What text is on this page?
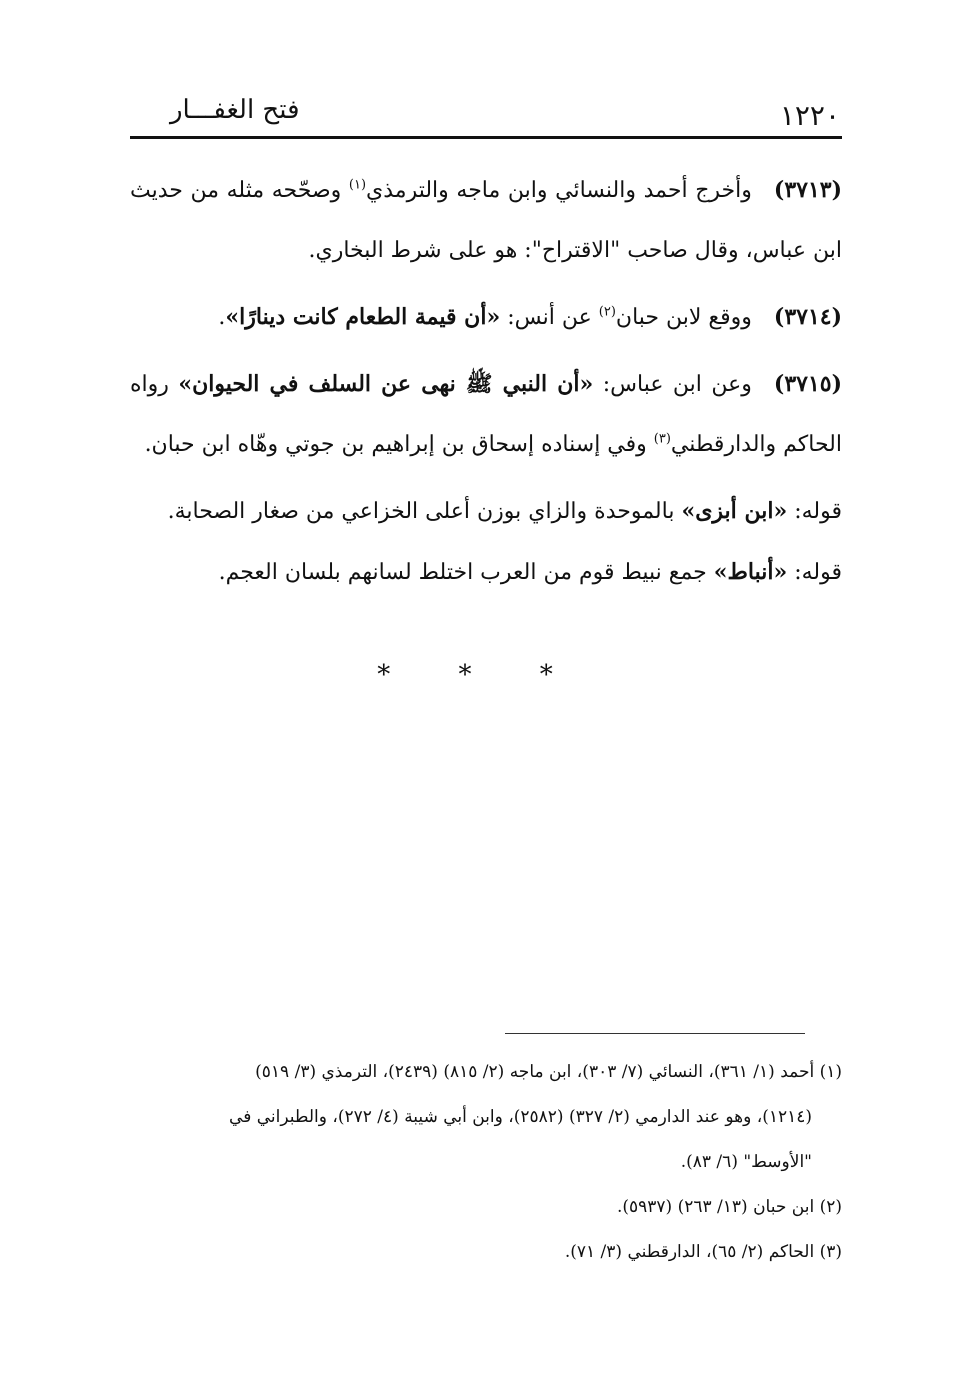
١٢٢٠
فتح الغفـــار

(٣٧١٣)وأخرج أحمد والنسائي وابن ماجه والترمذي$^{(١)}$ وصحّحه مثله من حديث ابن عباس، وقال صاحب "الاقتراح": هو على شرط البخاري.

(٣٧١٤)ووقع لابن حبان$^{(٢)}$ عن أنس: «أن قيمة الطعام كانت دينارًا».

(٣٧١٥)وعن ابن عباس: «أن النبي ﷺ نهى عن السلف في الحيوان» رواه الحاكم والدارقطني$^{(٣)}$ وفي إسناده إسحاق بن إبراهيم بن جوتي وهّاه ابن حبان.

قوله: «ابن أبزى» بالموحدة والزاي بوزن أعلى الخزاعي من صغار الصحابة.

قوله: «أنباط» جمع نبيط قوم من العرب اختلط لسانهم بلسان العجم.

* * *

(١) أحمد (١/ ٣٦١)، النسائي (٧/ ٣٠٣)، ابن ماجه (٢/ ٨١٥) (٢٤٣٩)، الترمذي (٣/ ٥١٩)

(١٢١٤)، وهو عند الدارمي (٢/ ٣٢٧) (٢٥٨٢)، وابن أبي شيبة (٤/ ٢٧٢)، والطبراني في

"الأوسط" (٦/ ٨٣).

(٢) ابن حبان (١٣/ ٢٦٣) (٥٩٣٧).

(٣) الحاكم (٢/ ٦٥)، الدارقطني (٣/ ٧١).
